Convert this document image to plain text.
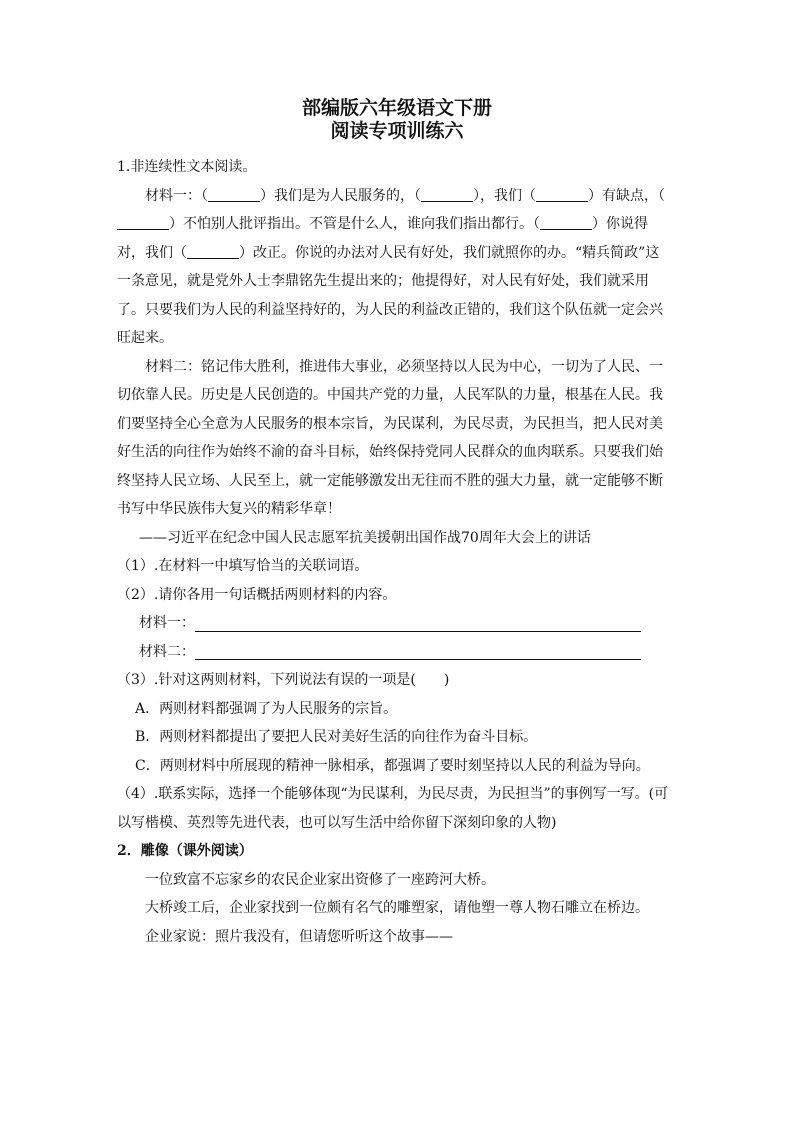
部编版六年级语文下册
阅读专项训练六

1.非连续性文本阅读。

材料一：（	）我们是为人民服务的，（	），我们（	）有缺点，（）不怕别人批评指出。不管是什么人，谁向我们指出都行。（	）你说得对，我们（	）改正。你说的办法对人民有好处，我们就照你的办。“精兵简政”这一条意见，就是党外人士李鼎铭先生提出来的；他提得好，对人民有好处，我们就采用了。只要我们为人民的利益坚持好的，为人民的利益改正错的，我们这个队伍就一定会兴旺起来。

材料二：铭记伟大胜利，推进伟大事业，必须坚持以人民为中心，一切为了人民、一切依靠人民。历史是人民创造的。中国共产党的力量，人民军队的力量，根基在人民。我们要坚持全心全意为人民服务的根本宗旨，为民谋利，为民尽责，为民担当，把人民对美好生活的向往作为始终不渝的奋斗目标，始终保持党同人民群众的血肉联系。只要我们始终坚持人民立场、人民至上，就一定能够激发出无往而不胜的强大力量，就一定能够不断书写中华民族伟大复兴的精彩华章！

——习近平在纪念中国人民志愿军抗美援朝出国作战70周年大会上的讲话

（1）.在材料一中填写恰当的关联词语。

（2）.请你各用一句话概括两则材料的内容。

材料一：
材料二：

（3）.针对这两则材料，下列说法有误的一项是(　　)

A．两则材料都强调了为人民服务的宗旨。

B．两则材料都提出了要把人民对美好生活的向往作为奋斗目标。

C．两则材料中所展现的精神一脉相承，都强调了要时刻坚持以人民的利益为导向。

（4）.联系实际，选择一个能够体现“为民谋利，为民尽责，为民担当”的事例写一写。(可以写楷模、英烈等先进代表，也可以写生活中给你留下深刻印象的人物)

2．雕像（课外阅读）

一位致富不忘家乡的农民企业家出资修了一座跨河大桥。

大桥竣工后，企业家找到一位颇有名气的雕塑家，请他塑一尊人物石雕立在桥边。

企业家说：照片我没有，但请您听听这个故事——
